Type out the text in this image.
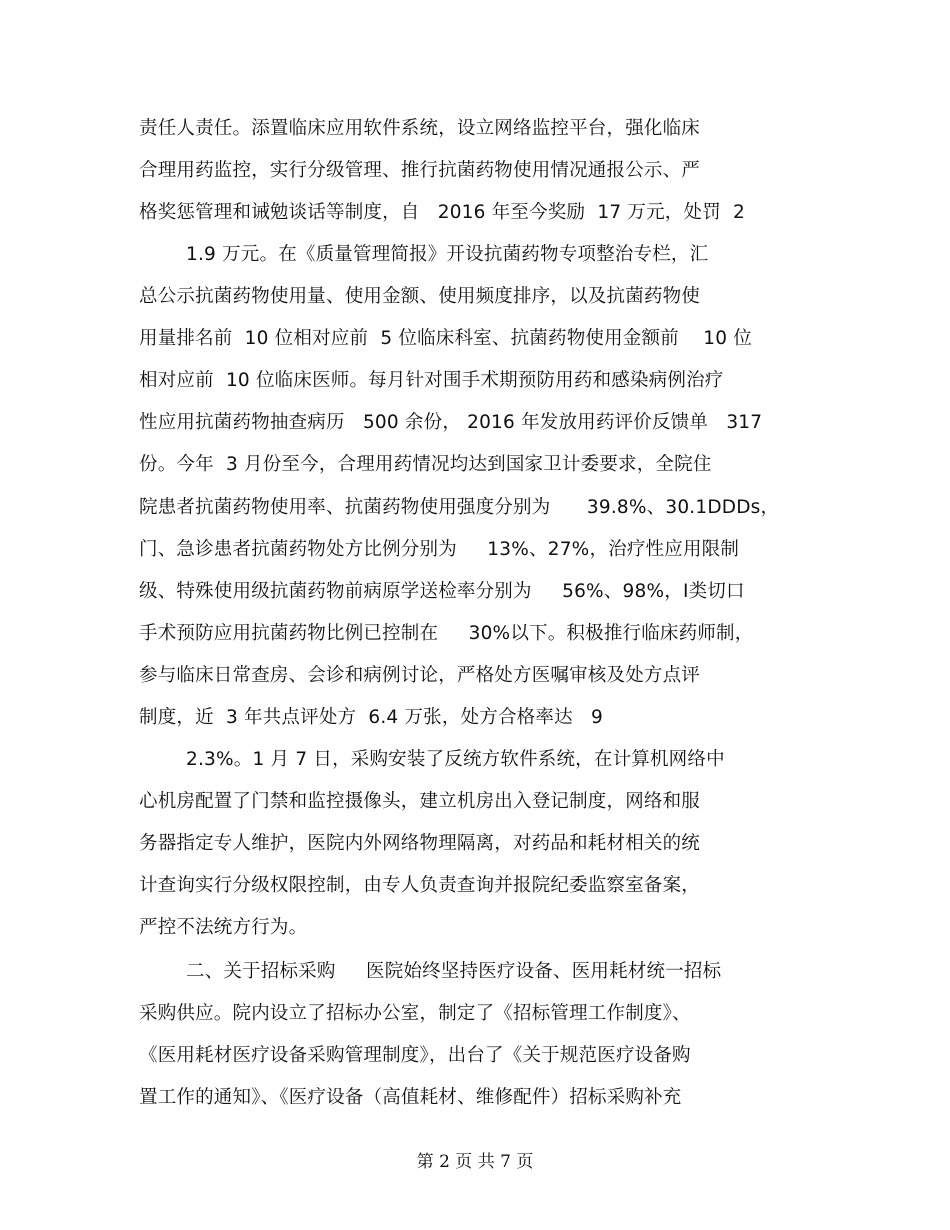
责任人责任。添置临床应用软件系统，设立网络监控平台，强化临床
合理用药监控，实行分级管理、推行抗菌药物使用情况通报公示、严
格奖惩管理和诫勉谈话等制度，自   2016 年至今奖励  17 万元，处罚  2
1.9 万元。在《质量管理简报》开设抗菌药物专项整治专栏，汇
总公示抗菌药物使用量、使用金额、使用频度排序，以及抗菌药物使
用量排名前  10 位相对应前  5 位临床科室、抗菌药物使用金额前    10 位
相对应前  10 位临床医师。每月针对围手术期预防用药和感染病例治疗
性应用抗菌药物抽查病历   500 余份， 2016 年发放用药评价反馈单   317
份。今年  3 月份至今，合理用药情况均达到国家卫计委要求，全院住
院患者抗菌药物使用率、抗菌药物使用强度分别为      39.8%、30.1DDDs，
门、急诊患者抗菌药物处方比例分别为     13%、27%，治疗性应用限制
级、特殊使用级抗菌药物前病原学送检率分别为     56%、98%，Ⅰ类切口
手术预防应用抗菌药物比例已控制在     30%以下。积极推行临床药师制，
参与临床日常查房、会诊和病例讨论，严格处方医嘱审核及处方点评
制度，近  3 年共点评处方  6.4 万张，处方合格率达   9
2.3%。1 月 7 日，采购安装了反统方软件系统，在计算机网络中
心机房配置了门禁和监控摄像头，建立机房出入登记制度，网络和服
务器指定专人维护，医院内外网络物理隔离，对药品和耗材相关的统
计查询实行分级权限控制，由专人负责查询并报院纪委监察室备案，
严控不法统方行为。
二、关于招标采购     医院始终坚持医疗设备、医用耗材统一招标
采购供应。院内设立了招标办公室，制定了《招标管理工作制度》、
《医用耗材医疗设备采购管理制度》，出台了《关于规范医疗设备购
置工作的通知》、《医疗设备（高值耗材、维修配件）招标采购补充
第 2 页 共 7 页
